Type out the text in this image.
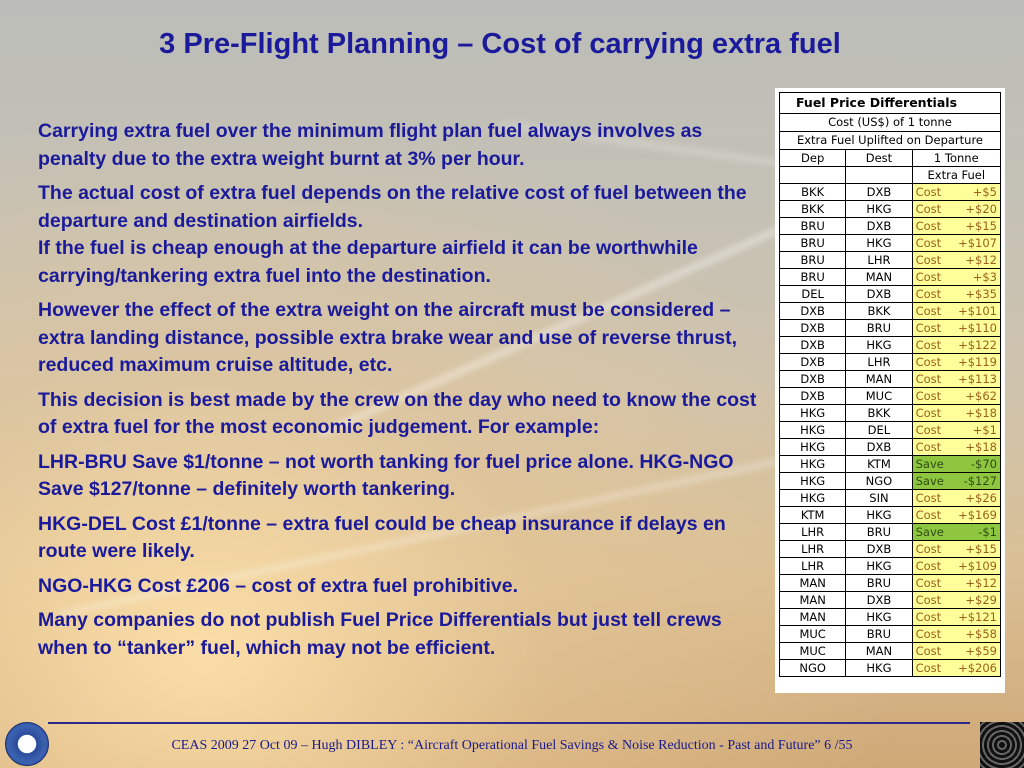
3 Pre-Flight Planning – Cost of carrying extra fuel

Carrying extra fuel over the minimum flight plan fuel always involves as penalty due to the extra weight burnt at 3% per hour.

The actual cost of extra fuel depends on the relative cost of fuel between the departure and destination airfields.

If the fuel is cheap enough at the departure airfield it can be worthwhile carrying/tankering extra fuel into the destination.

However the effect of the extra weight on the aircraft must be considered – extra landing distance, possible extra brake wear and use of reverse thrust, reduced maximum cruise altitude, etc.

This decision is best made by the crew on the day who need to know the cost of extra fuel for the most economic judgement. For example:

LHR-BRU Save $1/tonne – not worth tanking for fuel price alone. HKG-NGO Save $127/tonne – definitely worth tankering.

HKG-DEL Cost £1/tonne – extra fuel could be cheap insurance if delays en route were likely.

NGO-HKG Cost £206 – cost of extra fuel prohibitive.

Many companies do not publish Fuel Price Differentials but just tell crews when to “tanker” fuel, which may not be efficient.

Fuel Price Differentials		
Cost (US$) of 1 tonne		
Extra Fuel Uplifted on Departure		
Dep	Dest	1 Tonne
		Extra Fuel
BKK	DXB	Cost +$5

BKK	HKG	Cost +$20

BRU	DXB	Cost +$15

BRU	HKG	Cost +$107

BRU	LHR	Cost +$12

BRU	MAN	Cost +$3

DEL	DXB	Cost +$35

DXB	BKK	Cost +$101

DXB	BRU	Cost +$110

DXB	HKG	Cost +$122

DXB	LHR	Cost +$119

DXB	MAN	Cost +$113

DXB	MUC	Cost +$62

HKG	BKK	Cost +$18

HKG	DEL	Cost +$1

HKG	DXB	Cost +$18

HKG	KTM	Save -$70

HKG	NGO	Save -$127

HKG	SIN	Cost +$26

KTM	HKG	Cost +$169

LHR	BRU	Save -$1

LHR	DXB	Cost +$15

LHR	HKG	Cost +$109

MAN	BRU	Cost +$12

MAN	DXB	Cost +$29

MAN	HKG	Cost +$121

MUC	BRU	Cost +$58

MUC	MAN	Cost +$59

NGO	HKG	Cost +$206
CEAS 2009 27 Oct 09 – Hugh DIBLEY : “Aircraft Operational Fuel Savings & Noise Reduction - Past and Future” 6 /55
